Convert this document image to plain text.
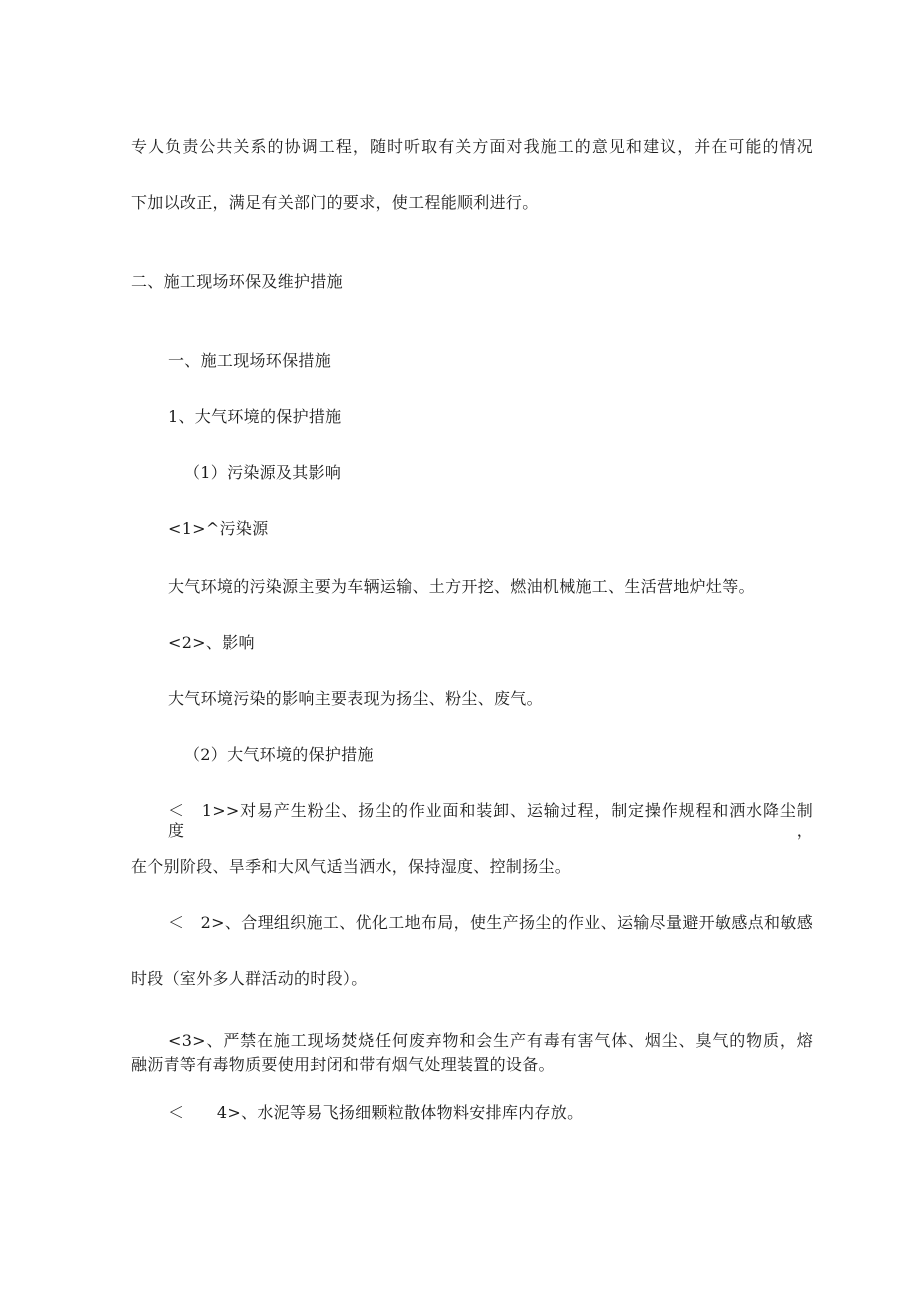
专人负责公共关系的协调工程，随时听取有关方面对我施工的意见和建议，并在可能的情况
下加以改正，满足有关部门的要求，使工程能顺利进行。
二、施工现场环保及维护措施
一、施工现场环保措施
1、大气环境的保护措施
（1）污染源及其影响
<1>^污染源
大气环境的污染源主要为车辆运输、土方开挖、燃油机械施工、生活营地炉灶等。
<2>、影响
大气环境污染的影响主要表现为扬尘、粉尘、废气。
（2）大气环境的保护措施
＜　1>>对易产生粉尘、扬尘的作业面和装卸、运输过程，制定操作规程和洒水降尘制度，
在个别阶段、旱季和大风气适当洒水，保持湿度、控制扬尘。
＜　2>、合理组织施工、优化工地布局，使生产扬尘的作业、运输尽量避开敏感点和敏感
时段（室外多人群活动的时段）。
<3>、严禁在施工现场焚烧任何废弃物和会生产有毒有害气体、烟尘、臭气的物质，熔
融沥青等有毒物质要使用封闭和带有烟气处理装置的设备。
＜　　4>、水泥等易飞扬细颗粒散体物料安排库内存放。
